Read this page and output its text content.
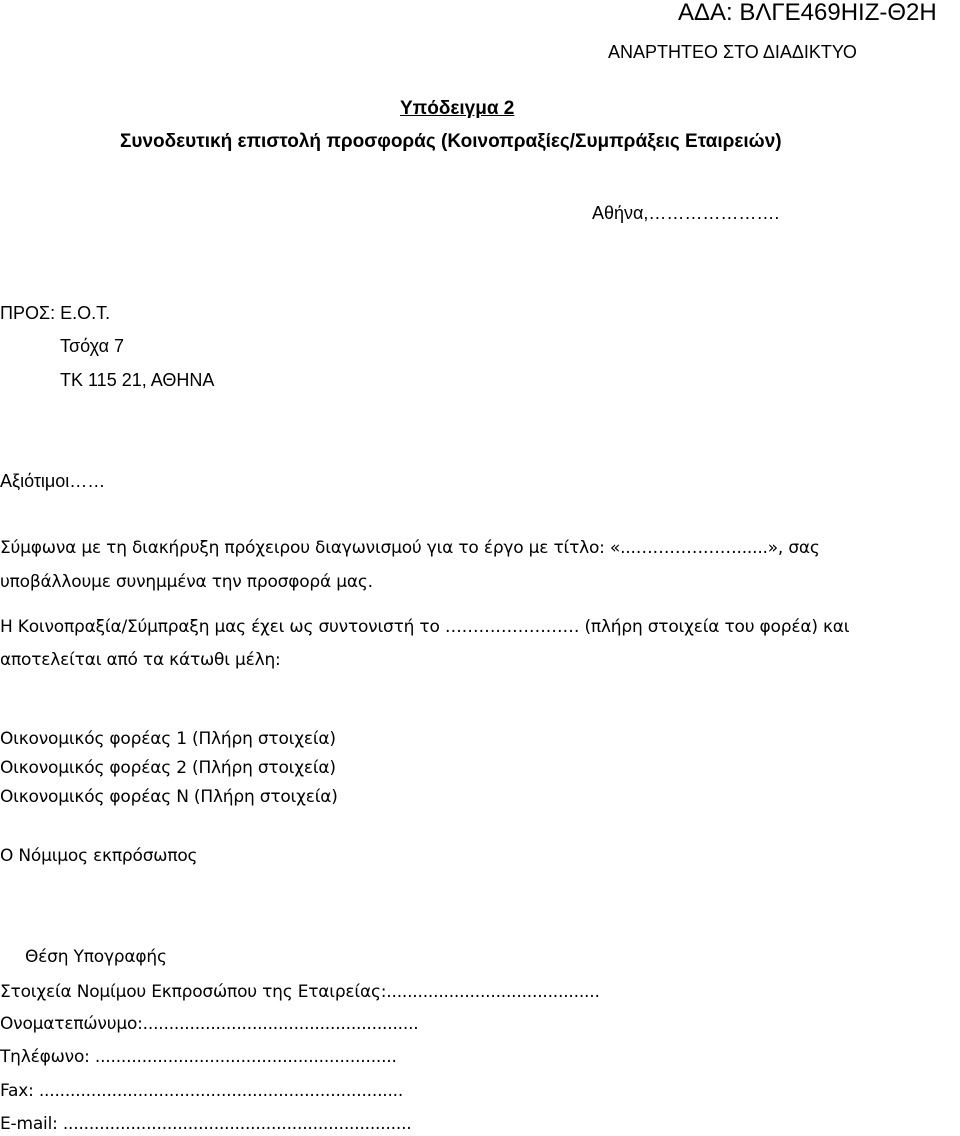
ΑΔΑ: ΒΛΓΕ469ΗΙΖ-Θ2Η
ΑΝΑΡΤΗΤΕΟ ΣΤΟ ΔΙΑΔΙΚΤΥΟ
Υπόδειγμα 2
Συνοδευτική επιστολή προσφοράς (Κοινοπραξίες/Συμπράξεις Εταιρειών)
Αθήνα,………………….
ΠΡΟΣ: Ε.Ο.Τ.
Τσόχα 7
ΤΚ 115 21, ΑΘΗΝΑ
Αξιότιμοι……
Σύμφωνα με τη διακήρυξη πρόχειρου διαγωνισμού για το έργο με τίτλο: «...………………......», σας
υποβάλλουμε συνημμένα την προσφορά μας.
Η Κοινοπραξία/Σύμπραξη μας έχει ως συντονιστή το …………………… (πλήρη στοιχεία του φορέα) και
αποτελείται από τα κάτωθι μέλη:
Οικονομικός φορέας 1 (Πλήρη στοιχεία)
Οικονομικός φορέας 2 (Πλήρη στοιχεία)
Οικονομικός φορέας Ν (Πλήρη στοιχεία)
Ο Νόμιμος εκπρόσωπος
Θέση Υπογραφής
Στοιχεία Νομίμου Εκπροσώπου της Εταιρείας:.........................................
Ονοματεπώνυμο:.....................................................
Τηλέφωνο: ..........................................................
Fax: ......................................................................
E-mail: ...................................................................
